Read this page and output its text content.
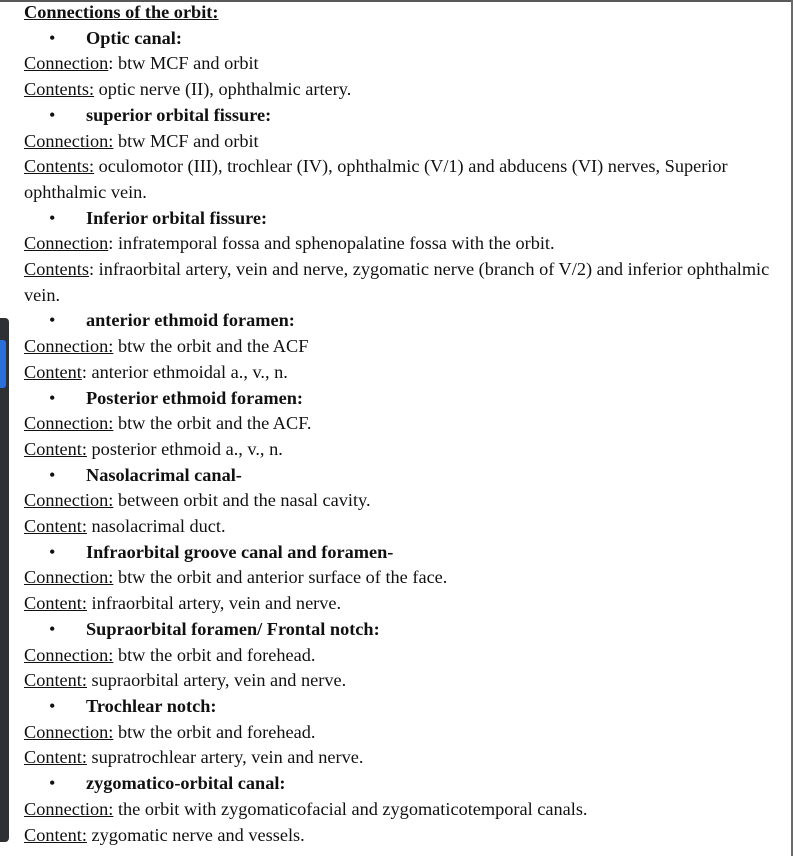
Connections of the orbit:
• Optic canal:
Connection: btw MCF and orbit
Contents: optic nerve (II), ophthalmic artery.
• superior orbital fissure:
Connection: btw MCF and orbit
Contents: oculomotor (III), trochlear (IV), ophthalmic (V/1) and abducens (VI) nerves, Superior ophthalmic vein.
• Inferior orbital fissure:
Connection: infratemporal fossa and sphenopalatine fossa with the orbit.
Contents: infraorbital artery, vein and nerve, zygomatic nerve (branch of V/2) and inferior ophthalmic vein.
• anterior ethmoid foramen:
Connection: btw the orbit and the ACF
Content: anterior ethmoidal a., v., n.
• Posterior ethmoid foramen:
Connection: btw the orbit and the ACF.
Content: posterior ethmoid a., v., n.
• Nasolacrimal canal-
Connection: between orbit and the nasal cavity.
Content: nasolacrimal duct.
• Infraorbital groove canal and foramen-
Connection: btw the orbit and anterior surface of the face.
Content: infraorbital artery, vein and nerve.
• Supraorbital foramen/ Frontal notch:
Connection: btw the orbit and forehead.
Content: supraorbital artery, vein and nerve.
• Trochlear notch:
Connection: btw the orbit and forehead.
Content: supratrochlear artery, vein and nerve.
• zygomatico-orbital canal:
Connection: the orbit with zygomaticofacial and zygomaticotemporal canals.
Content: zygomatic nerve and vessels.
